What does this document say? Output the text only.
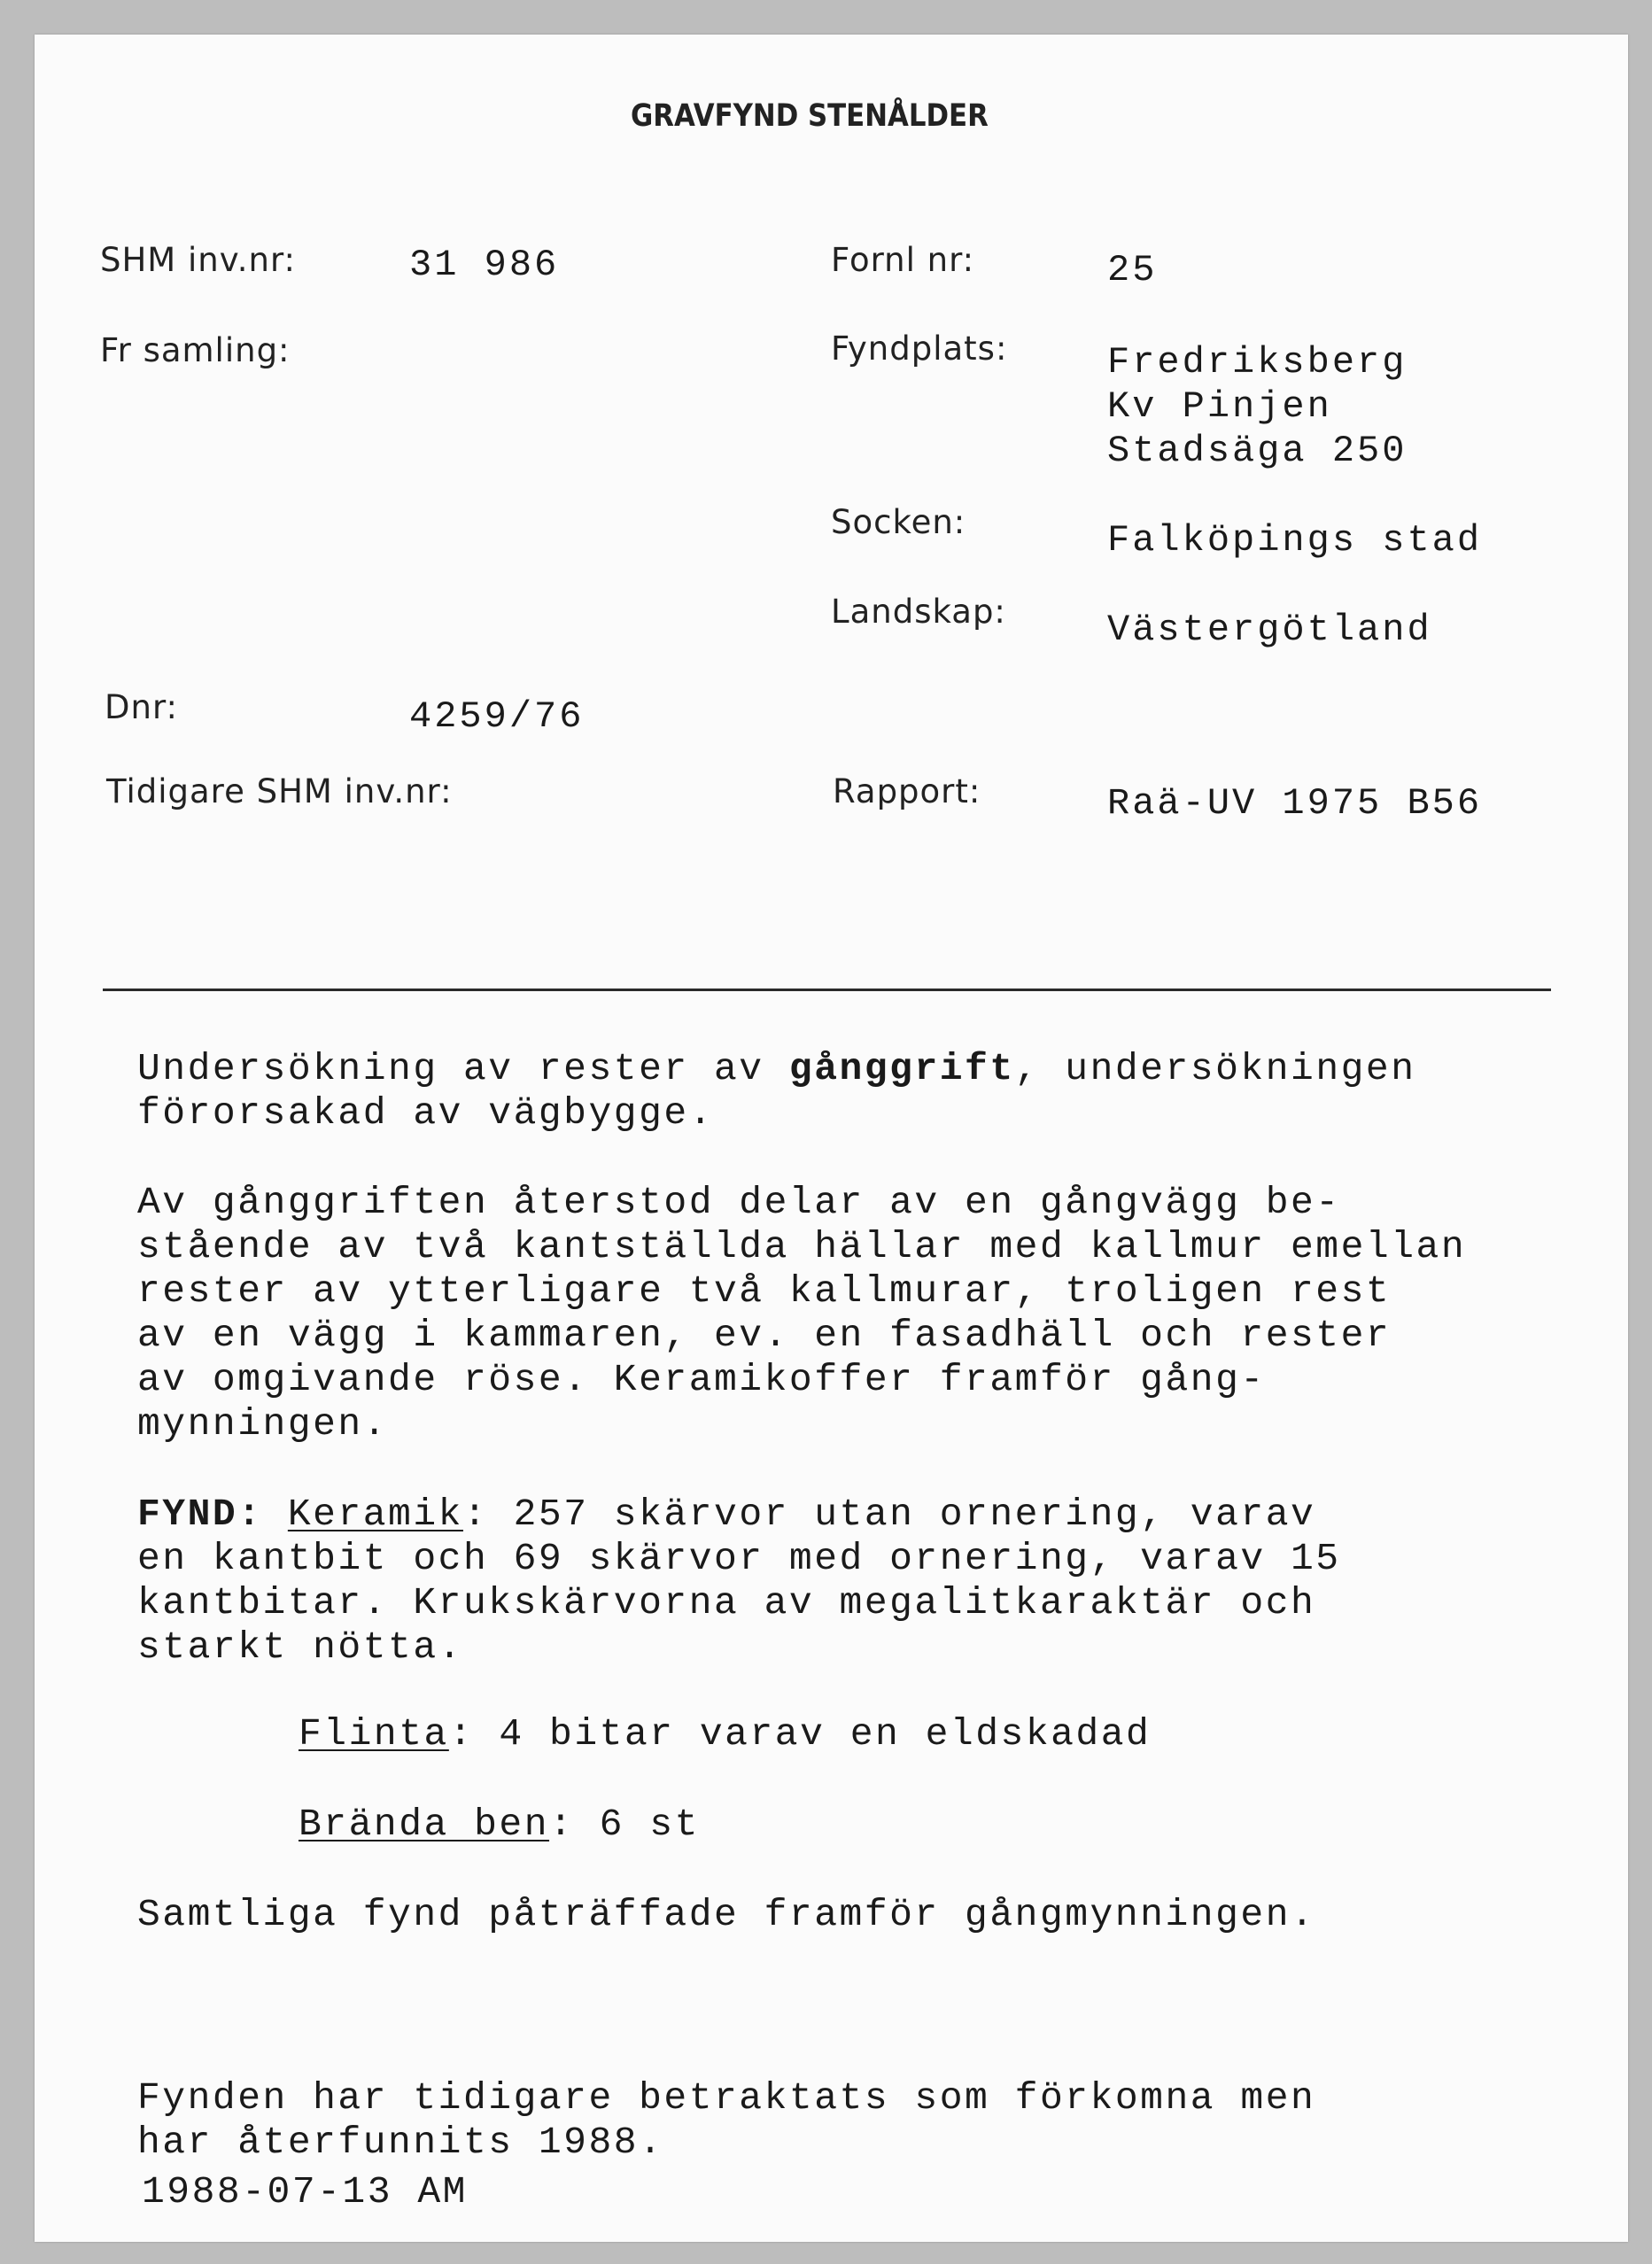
GRAVFYND STENÅLDER
SHM inv.nr:	31 986
Fr samling:
Dnr:	4259/76
Tidigare SHM inv.nr:
Fornl nr:	25
Fyndplats:	Fredriksberg
Kv Pinjen
Stadsäga 250
Socken:	Falköpings stad
Landskap:	Västergötland
Rapport:	Raä-UV 1975 B56
Undersökning av rester av gånggrift, undersökningen
förorsakad av vägbygge.
Av gånggriften återstod delar av en gångvägg be-
stående av två kantställda hällar med kallmur emellan
rester av ytterligare två kallmurar, troligen rest
av en vägg i kammaren, ev. en fasadhäll och rester
av omgivande röse. Keramikoffer framför gång-
mynningen.
FYND: Keramik: 257 skärvor utan ornering, varav
en kantbit och 69 skärvor med ornering, varav 15
kantbitar. Krukskärvorna av megalitkaraktär och
starkt nötta.
Flinta: 4 bitar varav en eldskadad
Brända ben: 6 st
Samtliga fynd påträffade framför gångmynningen.
Fynden har tidigare betraktats som förkomna men
har återfunnits 1988.
1988-07-13 AM
